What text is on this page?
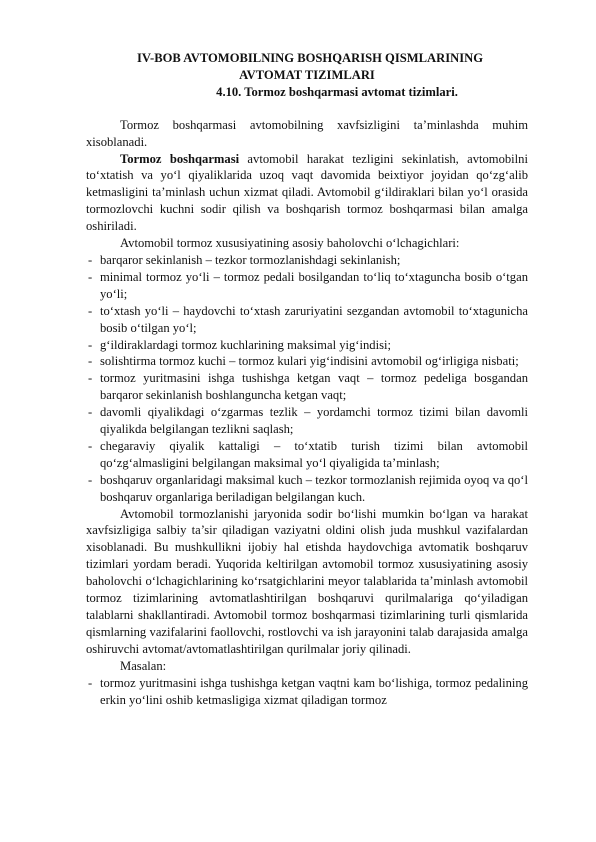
IV-BOB AVTOMOBILNING BOSHQARISH QISMLARINING
AVTOMAT TIZIMLARI
4.10. Tormoz boshqarmasi avtomat tizimlari.

Tormoz boshqarmasi avtomobilning xavfsizligini ta’minlashda muhim xisoblanadi.

Tormoz boshqarmasi avtomobil harakat tezligini sekinlatish, avtomobilni to‘xtatish va yo‘l qiyaliklarida uzoq vaqt davomida beixtiyor joyidan qo‘zg‘alib ketmasligini ta’minlash uchun xizmat qiladi. Avtomobil g‘ildiraklari bilan yo‘l orasida tormozlovchi kuchni sodir qilish va boshqarish tormoz boshqarmasi bilan amalga oshiriladi.

Avtomobil tormoz xususiyatining asosiy baholovchi o‘lchagichlari:

- barqaror sekinlanish – tezkor tormozlanishdagi sekinlanish;
- minimal tormoz yo‘li – tormoz pedali bosilgandan to‘liq to‘xtaguncha bosib o‘tgan yo‘li;
- to‘xtash yo‘li – haydovchi to‘xtash zaruriyatini sezgandan avtomobil to‘xtagunicha bosib o‘tilgan yo‘l;
- g‘ildiraklardagi tormoz kuchlarining maksimal yig‘indisi;
- solishtirma tormoz kuchi – tormoz kulari yig‘indisini avtomobil og‘irligiga nisbati;
- tormoz yuritmasini ishga tushishga ketgan vaqt – tormoz pedeliga bosgandan barqaror sekinlanish boshlanguncha ketgan vaqt;
- davomli qiyalikdagi o‘zgarmas tezlik – yordamchi tormoz tizimi bilan davomli qiyalikda belgilangan tezlikni saqlash;
- chegaraviy qiyalik kattaligi – to‘xtatib turish tizimi bilan avtomobil qo‘zg‘almasligini belgilangan maksimal yo‘l qiyaligida ta’minlash;
- boshqaruv organlaridagi maksimal kuch – tezkor tormozlanish rejimida oyoq va qo‘l boshqaruv organlariga beriladigan belgilangan kuch.

Avtomobil tormozlanishi jaryonida sodir bo‘lishi mumkin bo‘lgan va harakat xavfsizligiga salbiy ta’sir qiladigan vaziyatni oldini olish juda mushkul vazifalardan xisoblanadi. Bu mushkullikni ijobiy hal etishda haydovchiga avtomatik boshqaruv tizimlari yordam beradi. Yuqorida keltirilgan avtomobil tormoz xususiyatining asosiy baholovchi o‘lchagichlarining ko‘rsatgichlarini meyor talablarida ta’minlash avtomobil tormoz tizimlarining avtomatlashtirilgan boshqaruvi qurilmalariga qo‘yiladigan talablarni shakllantiradi. Avtomobil tormoz boshqarmasi tizimlarining turli qismlarida qismlarning vazifalarini faollovchi, rostlovchi va ish jarayonini talab darajasida amalga oshiruvchi avtomat/avtomatlashtirilgan qurilmalar joriy qilinadi.

Masalan:

- tormoz yuritmasini ishga tushishga ketgan vaqtni kam bo‘lishiga, tormoz pedalining erkin yo‘lini oshib ketmasligiga xizmat qiladigan tormoz
